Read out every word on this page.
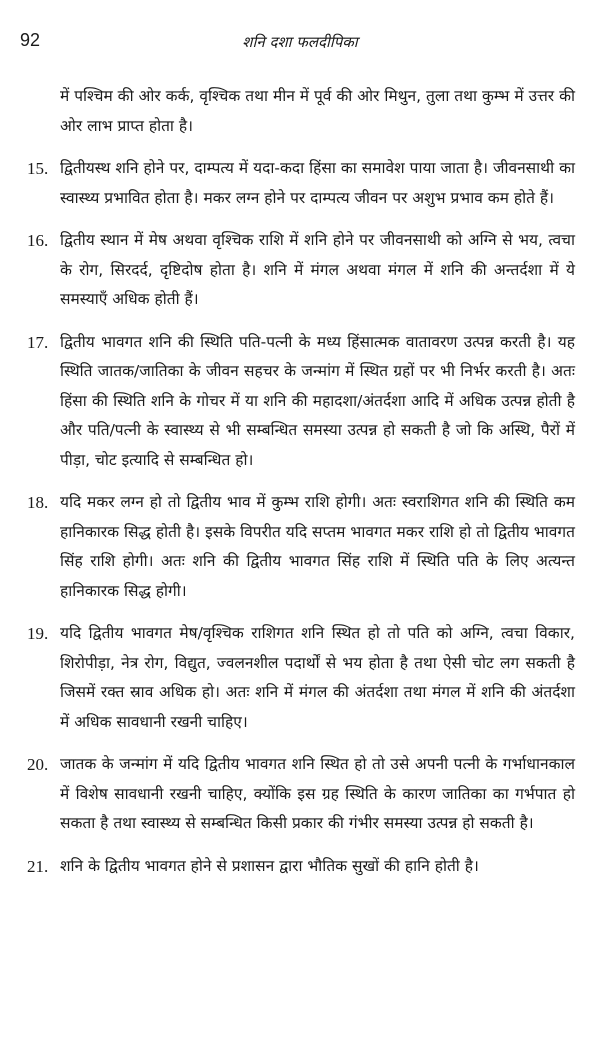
92	शनि दशा फलदीपिका
में पश्चिम की ओर कर्क, वृश्चिक तथा मीन में पूर्व की ओर मिथुन, तुला तथा कुम्भ में उत्तर की ओर लाभ प्राप्त होता है।
15. द्वितीयस्थ शनि होने पर, दाम्पत्य में यदा-कदा हिंसा का समावेश पाया जाता है। जीवनसाथी का स्वास्थ्य प्रभावित होता है। मकर लग्न होने पर दाम्पत्य जीवन पर अशुभ प्रभाव कम होते हैं।
16. द्वितीय स्थान में मेष अथवा वृश्चिक राशि में शनि होने पर जीवनसाथी को अग्नि से भय, त्वचा के रोग, सिरदर्द, दृष्टिदोष होता है। शनि में मंगल अथवा मंगल में शनि की अन्तर्दशा में ये समस्याएँ अधिक होती हैं।
17. द्वितीय भावगत शनि की स्थिति पति-पत्नी के मध्य हिंसात्मक वातावरण उत्पन्न करती है। यह स्थिति जातक/जातिका के जीवन सहचर के जन्मांग में स्थित ग्रहों पर भी निर्भर करती है। अतः हिंसा की स्थिति शनि के गोचर में या शनि की महादशा/अंतर्दशा आदि में अधिक उत्पन्न होती है और पति/पत्नी के स्वास्थ्य से भी सम्बन्धित समस्या उत्पन्न हो सकती है जो कि अस्थि, पैरों में पीड़ा, चोट इत्यादि से सम्बन्धित हो।
18. यदि मकर लग्न हो तो द्वितीय भाव में कुम्भ राशि होगी। अतः स्वराशिगत शनि की स्थिति कम हानिकारक सिद्ध होती है। इसके विपरीत यदि सप्तम भावगत मकर राशि हो तो द्वितीय भावगत सिंह राशि होगी। अतः शनि की द्वितीय भावगत सिंह राशि में स्थिति पति के लिए अत्यन्त हानिकारक सिद्ध होगी।
19. यदि द्वितीय भावगत मेष/वृश्चिक राशिगत शनि स्थित हो तो पति को अग्नि, त्वचा विकार, शिरोपीड़ा, नेत्र रोग, विद्युत, ज्वलनशील पदार्थों से भय होता है तथा ऐसी चोट लग सकती है जिसमें रक्त स्राव अधिक हो। अतः शनि में मंगल की अंतर्दशा तथा मंगल में शनि की अंतर्दशा में अधिक सावधानी रखनी चाहिए।
20. जातक के जन्मांग में यदि द्वितीय भावगत शनि स्थित हो तो उसे अपनी पत्नी के गर्भाधानकाल में विशेष सावधानी रखनी चाहिए, क्योंकि इस ग्रह स्थिति के कारण जातिका का गर्भपात हो सकता है तथा स्वास्थ्य से सम्बन्धित किसी प्रकार की गंभीर समस्या उत्पन्न हो सकती है।
21. शनि के द्वितीय भावगत होने से प्रशासन द्वारा भौतिक सुखों की हानि होती है।
